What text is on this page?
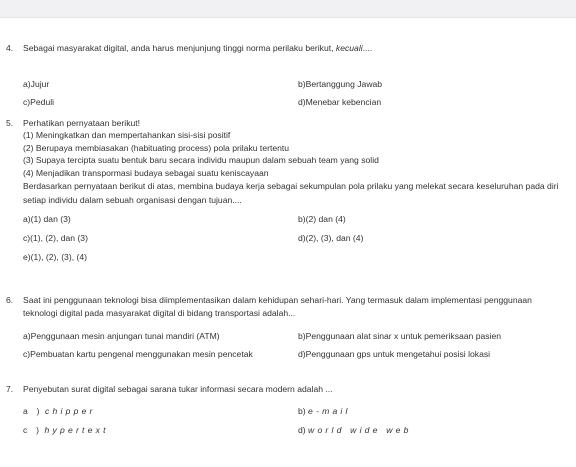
4.	Sebagai masyarakat digital, anda harus menjunjung tinggi norma perilaku berikut, kecuali....
a)Jujur	b)Bertanggung Jawab
c)Peduli	d)Menebar kebencian
5.	Perhatikan pernyataan berikut!
(1) Meningkatkan dan mempertahankan sisi-sisi positif
(2) Berupaya membiasakan (habituating process) pola prilaku tertentu
(3) Supaya tercipta suatu bentuk baru secara individu maupun dalam sebuah team yang solid
(4) Menjadikan transpormasi budaya sebagai suatu keniscayaan
Berdasarkan pernyataan berikut di atas, membina budaya kerja sebagai sekumpulan pola prilaku yang melekat secara keseluruhan pada diri setiap individu dalam sebuah organisasi dengan tujuan....
a)(1) dan (3)	b)(2) dan (4)
c)(1), (2), dan (3)	d)(2), (3), dan (4)
e)(1), (2), (3), (4)
6.	Saat ini penggunaan teknologi bisa diimplementasikan dalam kehidupan sehari-hari. Yang termasuk dalam implementasi penggunaan teknologi digital pada masyarakat digital di bidang transportasi adalah...
a)Penggunaan mesin anjungan tunai mandiri (ATM)	b)Penggunaan alat sinar x untuk pemeriksaan pasien
c)Pembuatan kartu pengenal menggunakan mesin pencetak	d)Penggunaan gps untuk mengetahui posisi lokasi
7.	Penyebutan surat digital sebagai sarana tukar informasi secara modern adalah ...
a ) chipper	b) e-mail
c ) hypertext	d) world wide web
